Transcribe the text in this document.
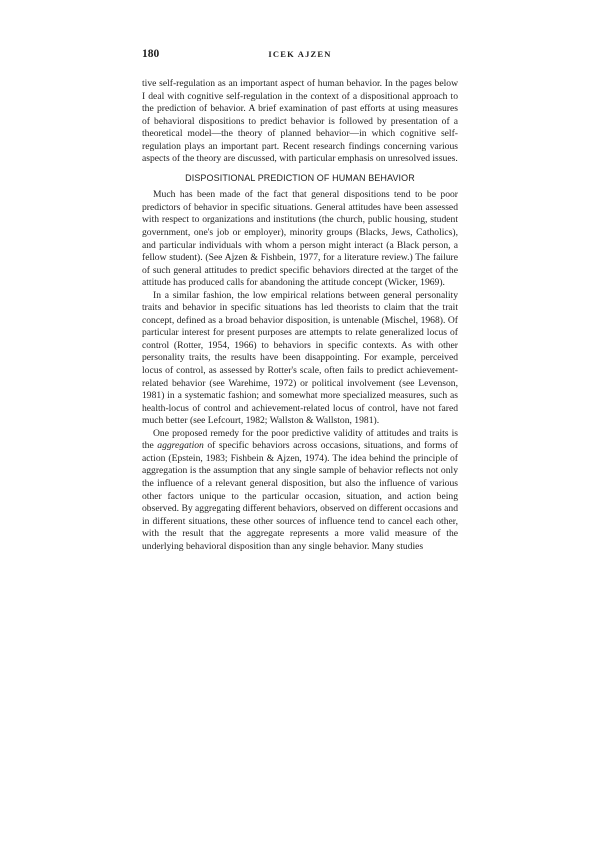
180	ICEK AJZEN

tive self-regulation as an important aspect of human behavior. In the pages below I deal with cognitive self-regulation in the context of a dispositional approach to the prediction of behavior. A brief examination of past efforts at using measures of behavioral dispositions to predict behavior is followed by presentation of a theoretical model—the theory of planned behavior—in which cognitive self-regulation plays an important part. Recent research findings concerning various aspects of the theory are discussed, with particular emphasis on unresolved issues.

DISPOSITIONAL PREDICTION OF HUMAN BEHAVIOR

Much has been made of the fact that general dispositions tend to be poor predictors of behavior in specific situations. General attitudes have been assessed with respect to organizations and institutions (the church, public housing, student government, one's job or employer), minority groups (Blacks, Jews, Catholics), and particular individuals with whom a person might interact (a Black person, a fellow student). (See Ajzen & Fishbein, 1977, for a literature review.) The failure of such general attitudes to predict specific behaviors directed at the target of the attitude has produced calls for abandoning the attitude concept (Wicker, 1969).

In a similar fashion, the low empirical relations between general personality traits and behavior in specific situations has led theorists to claim that the trait concept, defined as a broad behavior disposition, is untenable (Mischel, 1968). Of particular interest for present purposes are attempts to relate generalized locus of control (Rotter, 1954, 1966) to behaviors in specific contexts. As with other personality traits, the results have been disappointing. For example, perceived locus of control, as assessed by Rotter's scale, often fails to predict achievement-related behavior (see Warehime, 1972) or political involvement (see Levenson, 1981) in a systematic fashion; and somewhat more specialized measures, such as health-locus of control and achievement-related locus of control, have not fared much better (see Lefcourt, 1982; Wallston & Wallston, 1981).

One proposed remedy for the poor predictive validity of attitudes and traits is the aggregation of specific behaviors across occasions, situations, and forms of action (Epstein, 1983; Fishbein & Ajzen, 1974). The idea behind the principle of aggregation is the assumption that any single sample of behavior reflects not only the influence of a relevant general disposition, but also the influence of various other factors unique to the particular occasion, situation, and action being observed. By aggregating different behaviors, observed on different occasions and in different situations, these other sources of influence tend to cancel each other, with the result that the aggregate represents a more valid measure of the underlying behavioral disposition than any single behavior. Many studies
